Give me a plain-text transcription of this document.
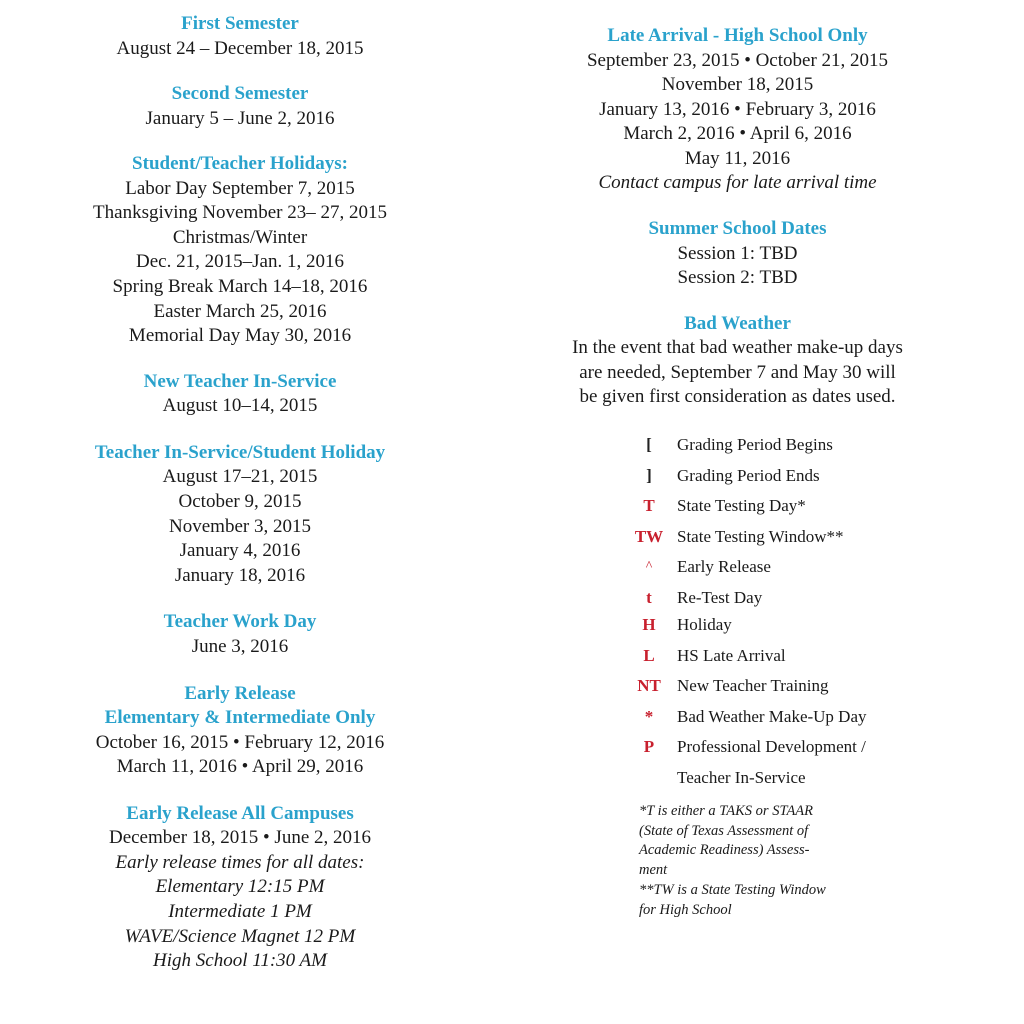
First Semester

August 24 – December 18, 2015

Second Semester

January 5 – June 2, 2016

Student/Teacher Holidays:

Labor Day September 7, 2015

Thanksgiving November 23– 27, 2015

Christmas/Winter

Dec. 21, 2015–Jan. 1, 2016

Spring Break March 14–18, 2016

Easter March 25, 2016

Memorial Day May 30, 2016

New Teacher In-Service

August 10–14, 2015

Teacher In-Service/Student Holiday

August 17–21, 2015

October 9, 2015

November 3, 2015

January 4, 2016

January 18, 2016

Teacher Work Day

June 3, 2016

Early Release

Elementary & Intermediate Only

October 16, 2015 • February 12, 2016

March 11, 2016 • April 29, 2016

Early Release All Campuses

December 18, 2015 • June 2, 2016

Early release times for all dates:

Elementary 12:15 PM

Intermediate 1 PM

WAVE/Science Magnet 12 PM

High School 11:30 AM

Late Arrival - High School Only

September 23, 2015 • October 21, 2015

November 18, 2015

January 13, 2016 • February 3, 2016

March 2, 2016 • April 6, 2016

May 11, 2016

Contact campus for late arrival time

Summer School Dates

Session 1: TBD

Session 2: TBD

Bad Weather

In the event that bad weather make-up days

are needed, September 7 and May 30 will

be given first consideration as dates used.

[	Grading Period Begins
]	Grading Period Ends
T	State Testing Day*
TW State Testing Window**
^	Early Release
t	Re-Test Day
H	Holiday
L	HS Late Arrival
NT New Teacher Training
*	Bad Weather Make-Up Day
P	Professional Development /
Teacher In-Service

*T is either a TAKS or STAAR

(State of Texas Assessment of

Academic Readiness) Assess-

ment

**TW is a State Testing Window

for High School
